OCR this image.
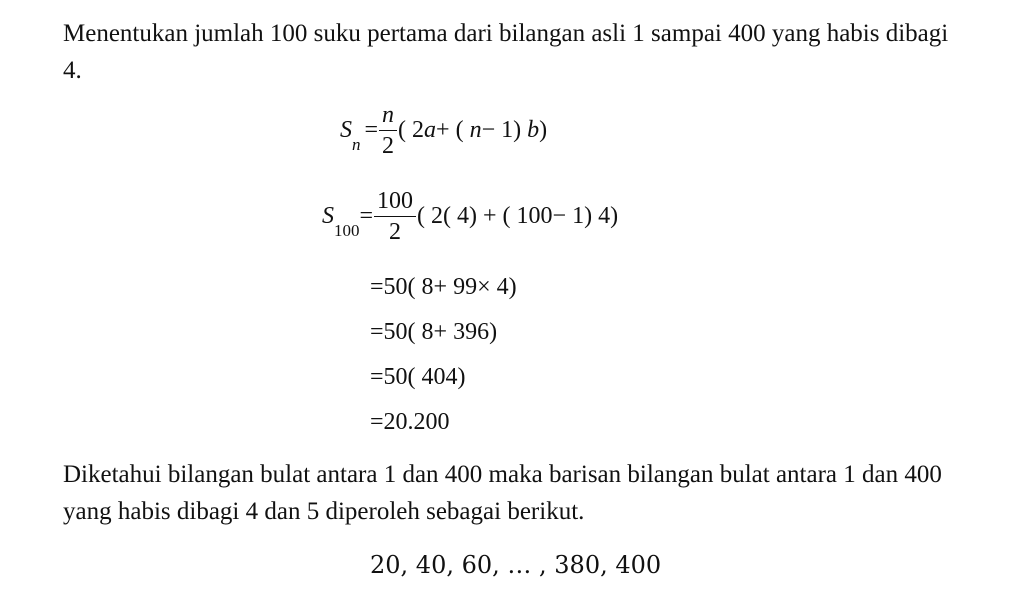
Menentukan jumlah 100 suku pertama dari bilangan asli 1 sampai 400 yang habis dibagi 4.

S
n
= $\frac{n}{2}$ ( 2 a + ( n − 1) b )
S
100
= $\frac{100}{2}$ ( 2( 4) + ( 100− 1) 4)
=50( 8+ 99× 4)
=50( 8+ 396)
=50( 404)
=20.200

Diketahui bilangan bulat antara 1 dan 400 maka barisan bilangan bulat antara 1 dan 400 yang habis dibagi 4 dan 5 diperoleh sebagai berikut.

20, 40, 60, … , 380, 400
